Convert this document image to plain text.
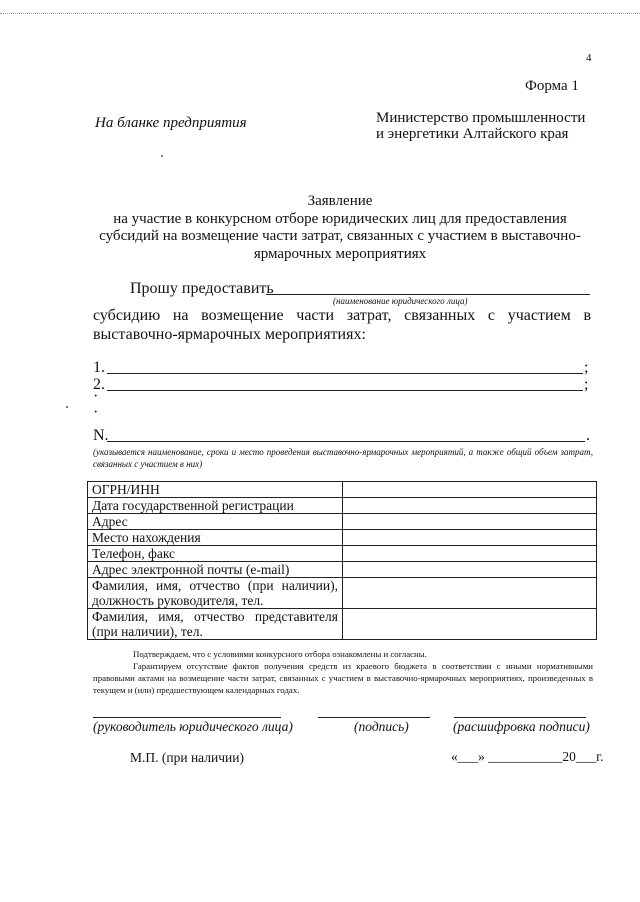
4
Форма 1
На бланке предприятия	Министерство промышленности
и энергетики Алтайского края
Заявление
на участие в конкурсном отборе юридических лиц для предоставления
субсидий на возмещение части затрат, связанных с участием в выставочно-
ярмарочных мероприятиях
Прошу предоставить
(наименование юридического лица)
субсидию на возмещение части затрат, связанных с участием в выставочно-ярмарочных мероприятиях:
1.	;
2.	;
·
·
N.	.
(указывается наименование, сроки и место проведения выставочно-ярмарочных мероприятий, а также общий объем затрат, связанных с участием в них)
ОГРН/ИНН	
Дата государственной регистрации	
Адрес	
Место нахождения	
Телефон, факс	
Адрес электронной почты (e-mail)	
Фамилия, имя, отчество (при наличии), должность руководителя, тел.	
Фамилия, имя, отчество представителя (при наличии), тел.	

Подтверждаем, что с условиями конкурсного отбора ознакомлены и согласны.

Гарантируем отсутствие фактов получения средств из краевого бюджета в соответствии с иными нормативными правовыми актами на возмещение части затрат, связанных с участием в выставочно-ярмарочных мероприятиях, произведенных в текущем и (или) предшествующем календарных годах.

(руководитель юридического лица)	(подпись)	(расшифровка подписи)
М.П. (при наличии)	«___» ___________20___г.
